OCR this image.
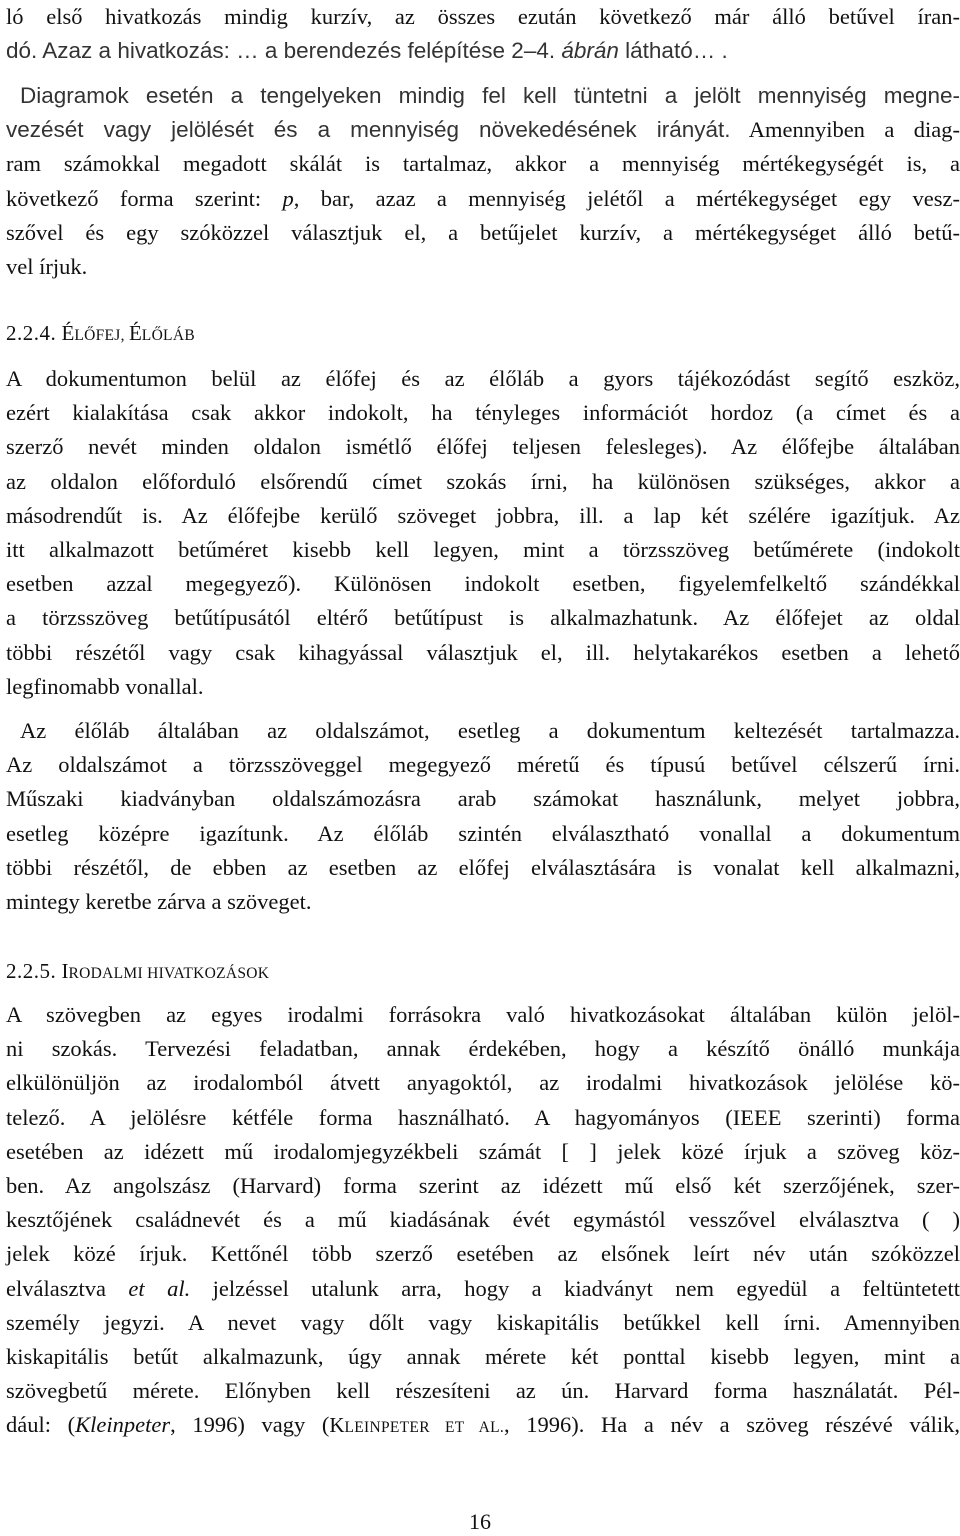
ló első hivatkozás mindig kurzív, az összes ezután következő már álló betűvel íran-
dó. Azaz a hivatkozás: … a berendezés felépítése 2–4. ábrán látható… .
Diagramok esetén a tengelyeken mindig fel kell tüntetni a jelölt mennyiség megne-
vezését vagy jelölését és a mennyiség növekedésének irányát. Amennyiben a diag-
ram számokkal megadott skálát is tartalmaz, akkor a mennyiség mértékegységét is, a
következő forma szerint: p, bar, azaz a mennyiség jelétől a mértékegységet egy vesz-
szővel és egy szóközzel választjuk el, a betűjelet kurzív, a mértékegységet álló betű-
vel írjuk.
2.2.4. ÉLŐFEJ, ÉLŐLÁB
A dokumentumon belül az élőfej és az élőláb a gyors tájékozódást segítő eszköz,
ezért kialakítása csak akkor indokolt, ha tényleges információt hordoz (a címet és a
szerző nevét minden oldalon ismétlő élőfej teljesen felesleges). Az élőfejbe általában
az oldalon előforduló elsőrendű címet szokás írni, ha különösen szükséges, akkor a
másodrendűt is. Az élőfejbe kerülő szöveget jobbra, ill. a lap két szélére igazítjuk. Az
itt alkalmazott betűméret kisebb kell legyen, mint a törzsszöveg betűmérete (indokolt
esetben azzal megegyező). Különösen indokolt esetben, figyelemfelkeltő szándékkal
a törzsszöveg betűtípusától eltérő betűtípust is alkalmazhatunk. Az élőfejet az oldal
többi részétől vagy csak kihagyással választjuk el, ill. helytakarékos esetben a lehető
legfinomabb vonallal.
Az élőláb általában az oldalszámot, esetleg a dokumentum keltezését tartalmazza.
Az oldalszámot a törzsszöveggel megegyező méretű és típusú betűvel célszerű írni.
Műszaki kiadványban oldalszámozásra arab számokat használunk, melyet jobbra,
esetleg középre igazítunk. Az élőláb szintén elválasztható vonallal a dokumentum
többi részétől, de ebben az esetben az előfej elválasztására is vonalat kell alkalmazni,
mintegy keretbe zárva a szöveget.
2.2.5. IRODALMI HIVATKOZÁSOK
A szövegben az egyes irodalmi forrásokra való hivatkozásokat általában külön jelöl-
ni szokás. Tervezési feladatban, annak érdekében, hogy a készítő önálló munkája
elkülönüljön az irodalomból átvett anyagoktól, az irodalmi hivatkozások jelölése kö-
telező. A jelölésre kétféle forma használható. A hagyományos (IEEE szerinti) forma
esetében az idézett mű irodalomjegyzékbeli számát [ ] jelek közé írjuk a szöveg köz-
ben. Az angolszász (Harvard) forma szerint az idézett mű első két szerzőjének, szer-
kesztőjének családnevét és a mű kiadásának évét egymástól vesszővel elválasztva ( )
jelek közé írjuk. Kettőnél több szerző esetében az elsőnek leírt név után szóközzel
elválasztva et al. jelzéssel utalunk arra, hogy a kiadványt nem egyedül a feltüntetett
személy jegyzi. A nevet vagy dőlt vagy kiskapitális betűkkel kell írni. Amennyiben
kiskapitális betűt alkalmazunk, úgy annak mérete két ponttal kisebb legyen, mint a
szövegbetű mérete. Előnyben kell részesíteni az ún. Harvard forma használatát. Pél-
dául: (Kleinpeter, 1996) vagy (KLEINPETER ET AL., 1996). Ha a név a szöveg részévé válik,
16
